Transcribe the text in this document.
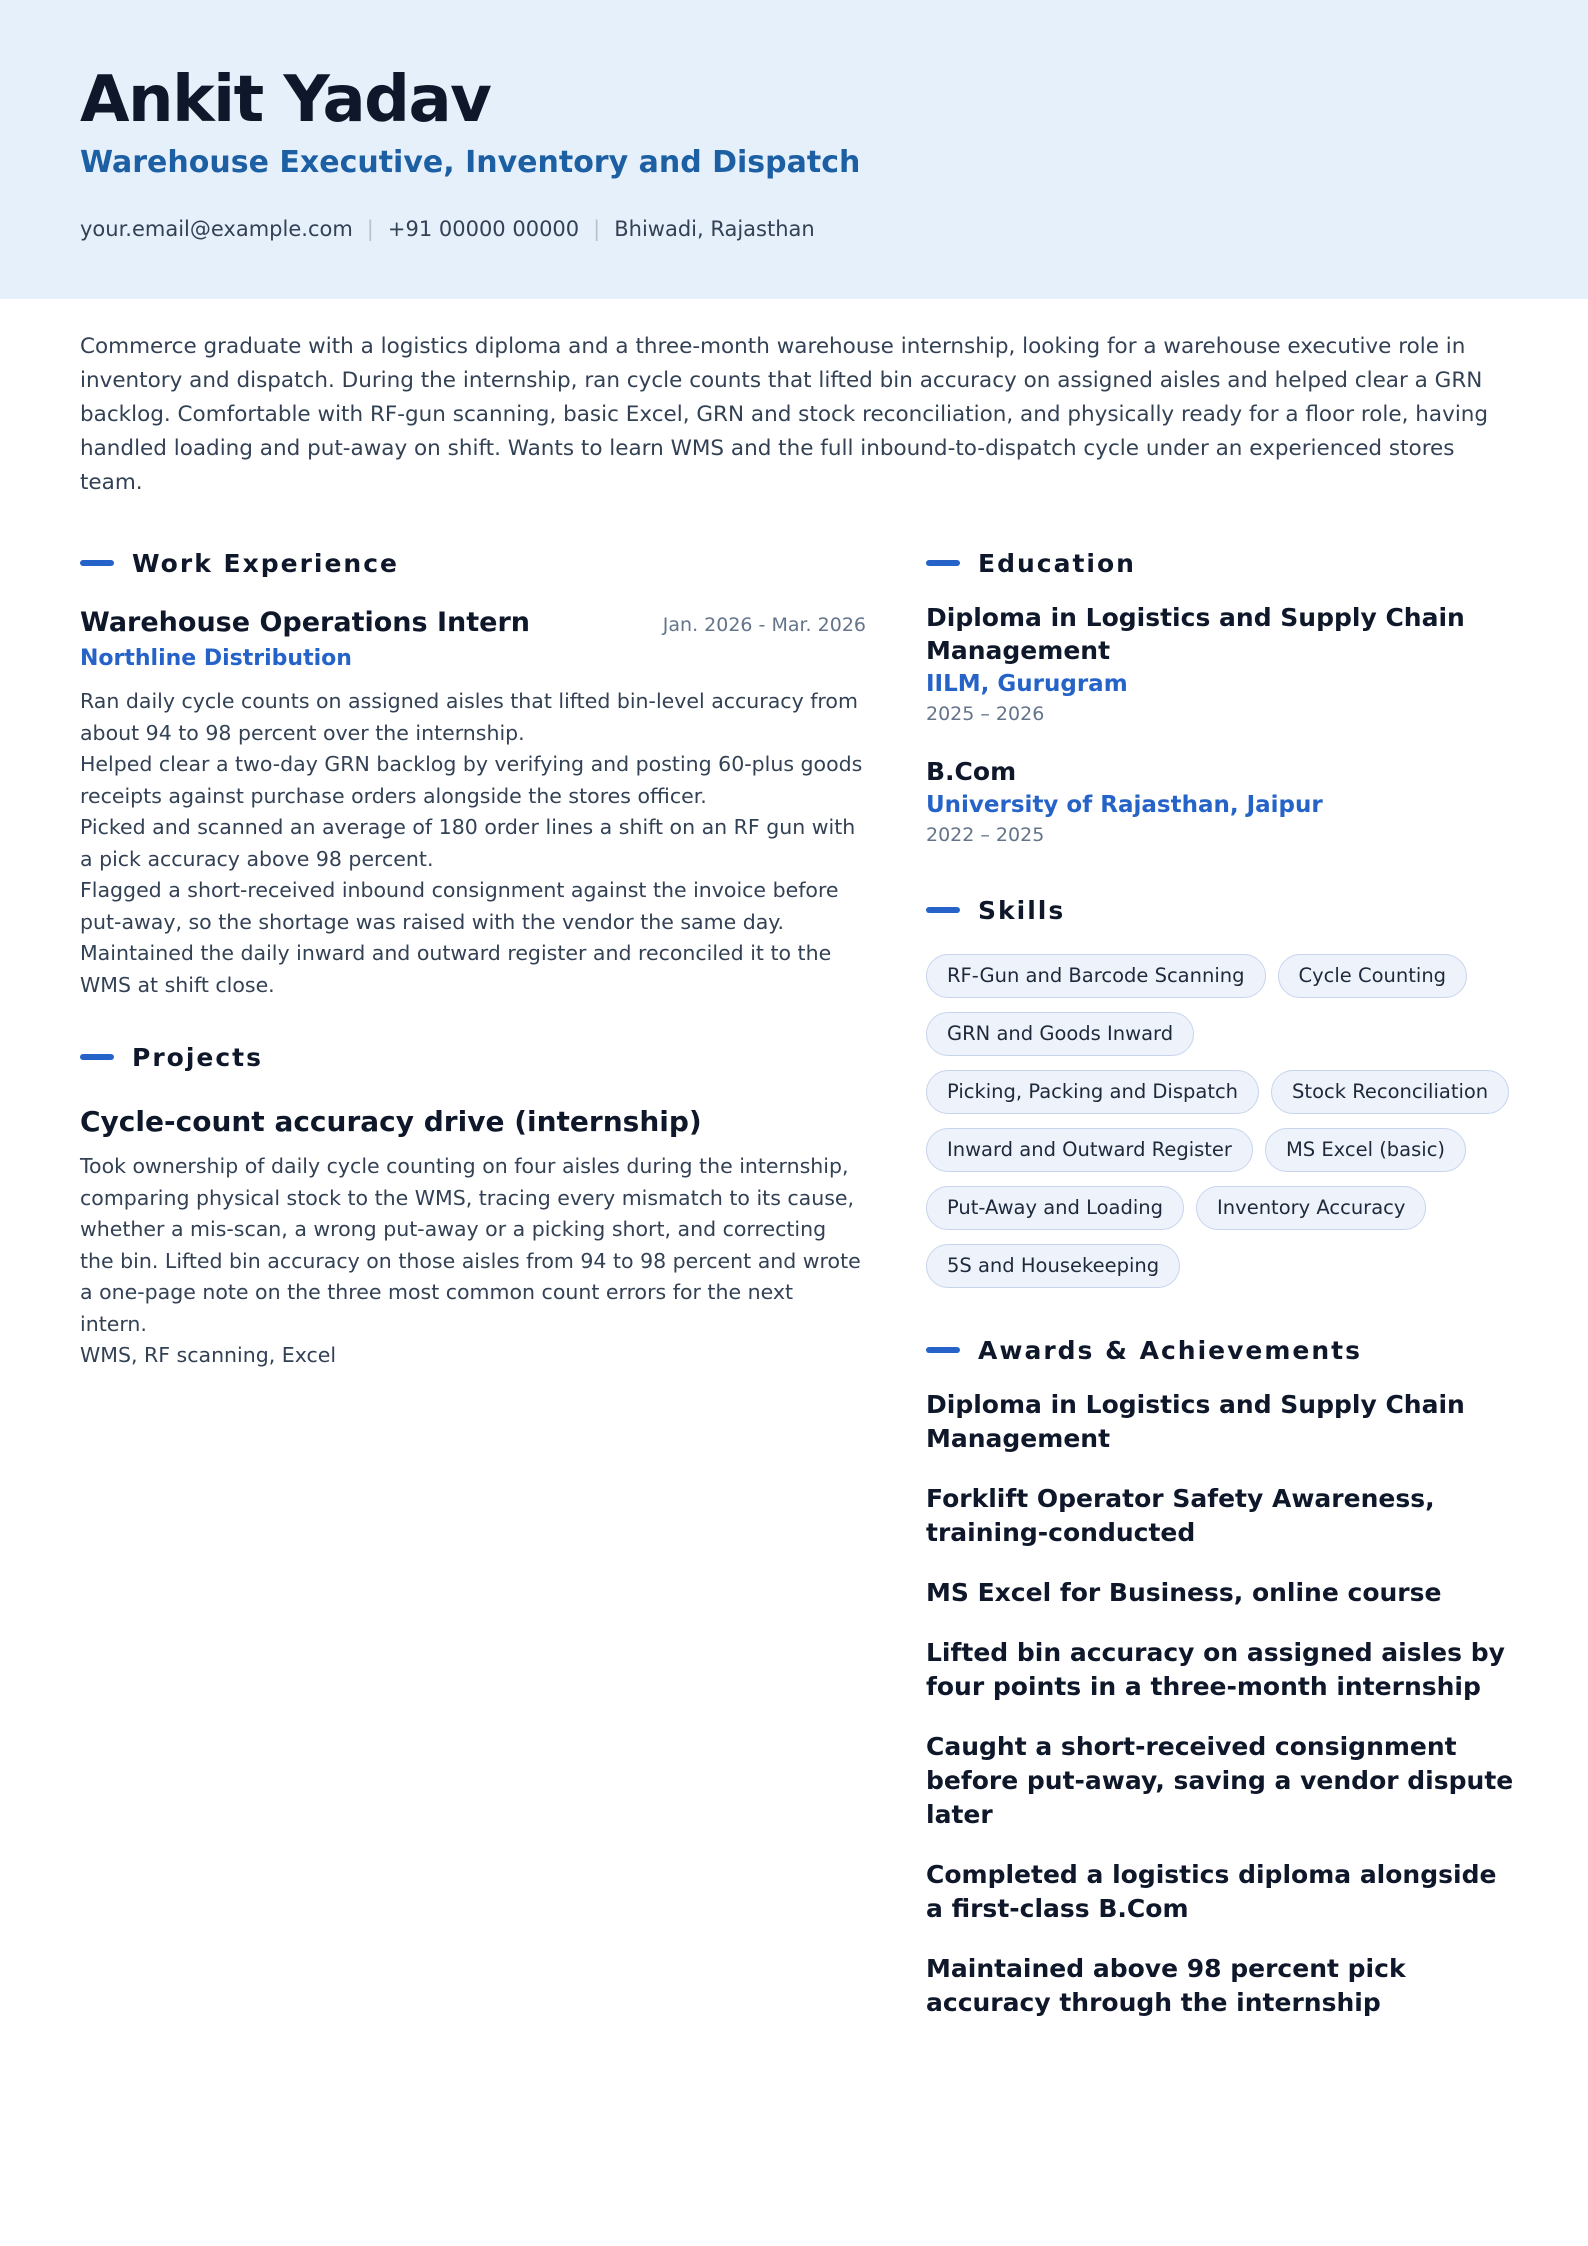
Ankit Yadav
Warehouse Executive, Inventory and Dispatch
your.email@example.com | +91 00000 00000 | Bhiwadi, Rajasthan
Commerce graduate with a logistics diploma and a three-month warehouse internship, looking for a warehouse executive role in inventory and dispatch. During the internship, ran cycle counts that lifted bin accuracy on assigned aisles and helped clear a GRN backlog. Comfortable with RF-gun scanning, basic Excel, GRN and stock reconciliation, and physically ready for a floor role, having handled loading and put-away on shift. Wants to learn WMS and the full inbound-to-dispatch cycle under an experienced stores team.
Work Experience
Warehouse Operations Intern	Jan. 2026 - Mar. 2026
Northline Distribution
Ran daily cycle counts on assigned aisles that lifted bin-level accuracy from about 94 to 98 percent over the internship.
Helped clear a two-day GRN backlog by verifying and posting 60-plus goods receipts against purchase orders alongside the stores officer.
Picked and scanned an average of 180 order lines a shift on an RF gun with a pick accuracy above 98 percent.
Flagged a short-received inbound consignment against the invoice before put-away, so the shortage was raised with the vendor the same day.
Maintained the daily inward and outward register and reconciled it to the WMS at shift close.
Projects
Cycle-count accuracy drive (internship)
Took ownership of daily cycle counting on four aisles during the internship, comparing physical stock to the WMS, tracing every mismatch to its cause, whether a mis-scan, a wrong put-away or a picking short, and correcting the bin. Lifted bin accuracy on those aisles from 94 to 98 percent and wrote a one-page note on the three most common count errors for the next intern.
WMS, RF scanning, Excel
Education
Diploma in Logistics and Supply Chain Management
IILM, Gurugram
2025 – 2026
B.Com
University of Rajasthan, Jaipur
2022 – 2025
Skills
RF-Gun and Barcode Scanning	Cycle Counting
GRN and Goods Inward
Picking, Packing and Dispatch	Stock Reconciliation
Inward and Outward Register	MS Excel (basic)
Put-Away and Loading	Inventory Accuracy
5S and Housekeeping
Awards & Achievements
Diploma in Logistics and Supply Chain Management
Forklift Operator Safety Awareness, training-conducted
MS Excel for Business, online course
Lifted bin accuracy on assigned aisles by four points in a three-month internship
Caught a short-received consignment before put-away, saving a vendor dispute later
Completed a logistics diploma alongside a first-class B.Com
Maintained above 98 percent pick accuracy through the internship
